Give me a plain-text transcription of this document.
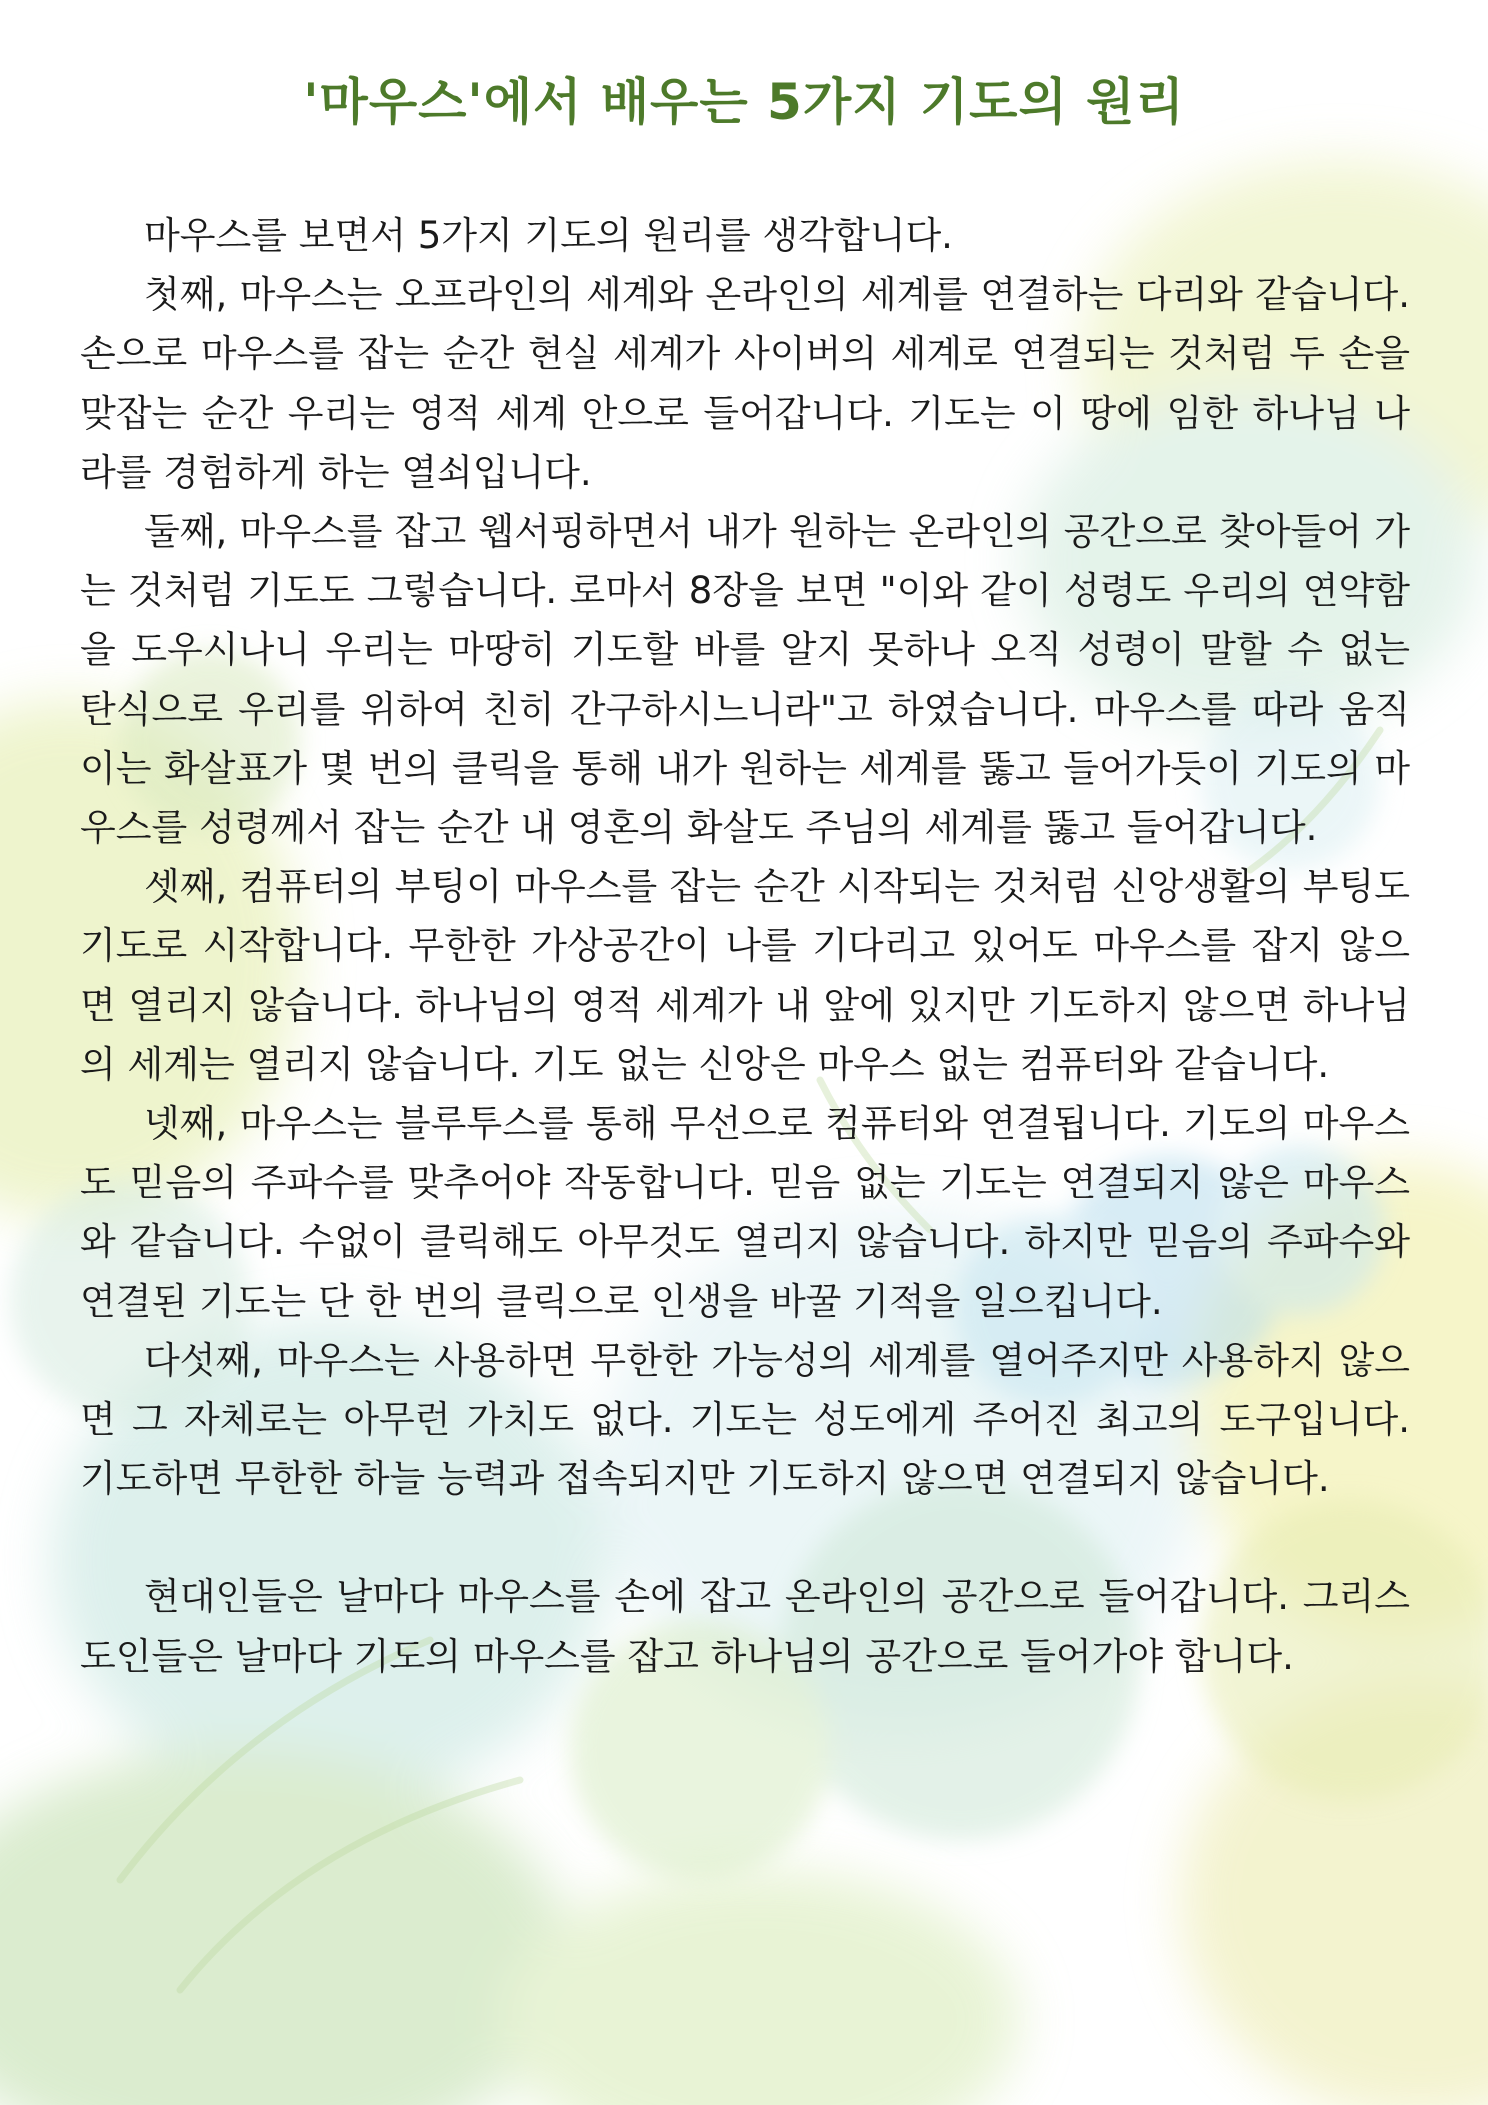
'마우스'에서 배우는 5가지 기도의 원리

마우스를 보면서 5가지 기도의 원리를 생각합니다.

첫째, 마우스는 오프라인의 세계와 온라인의 세계를 연결하는 다리와 같습니다. 손으로 마우스를 잡는 순간 현실 세계가 사이버의 세계로 연결되는 것처럼 두 손을 맞잡는 순간 우리는 영적 세계 안으로 들어갑니다. 기도는 이 땅에 임한 하나님 나라를 경험하게 하는 열쇠입니다.

둘째, 마우스를 잡고 웹서핑하면서 내가 원하는 온라인의 공간으로 찾아들어 가는 것처럼 기도도 그렇습니다. 로마서 8장을 보면 "이와 같이 성령도 우리의 연약함을 도우시나니 우리는 마땅히 기도할 바를 알지 못하나 오직 성령이 말할 수 없는 탄식으로 우리를 위하여 친히 간구하시느니라"고 하였습니다. 마우스를 따라 움직이는 화살표가 몇 번의 클릭을 통해 내가 원하는 세계를 뚫고 들어가듯이 기도의 마우스를 성령께서 잡는 순간 내 영혼의 화살도 주님의 세계를 뚫고 들어갑니다.

셋째, 컴퓨터의 부팅이 마우스를 잡는 순간 시작되는 것처럼 신앙생활의 부팅도 기도로 시작합니다. 무한한 가상공간이 나를 기다리고 있어도 마우스를 잡지 않으면 열리지 않습니다. 하나님의 영적 세계가 내 앞에 있지만 기도하지 않으면 하나님의 세계는 열리지 않습니다. 기도 없는 신앙은 마우스 없는 컴퓨터와 같습니다.

넷째, 마우스는 블루투스를 통해 무선으로 컴퓨터와 연결됩니다. 기도의 마우스도 믿음의 주파수를 맞추어야 작동합니다. 믿음 없는 기도는 연결되지 않은 마우스와 같습니다. 수없이 클릭해도 아무것도 열리지 않습니다. 하지만 믿음의 주파수와 연결된 기도는 단 한 번의 클릭으로 인생을 바꿀 기적을 일으킵니다.

다섯째, 마우스는 사용하면 무한한 가능성의 세계를 열어주지만 사용하지 않으면 그 자체로는 아무런 가치도 없다. 기도는 성도에게 주어진 최고의 도구입니다. 기도하면 무한한 하늘 능력과 접속되지만 기도하지 않으면 연결되지 않습니다.

현대인들은 날마다 마우스를 손에 잡고 온라인의 공간으로 들어갑니다. 그리스도인들은 날마다 기도의 마우스를 잡고 하나님의 공간으로 들어가야 합니다.
